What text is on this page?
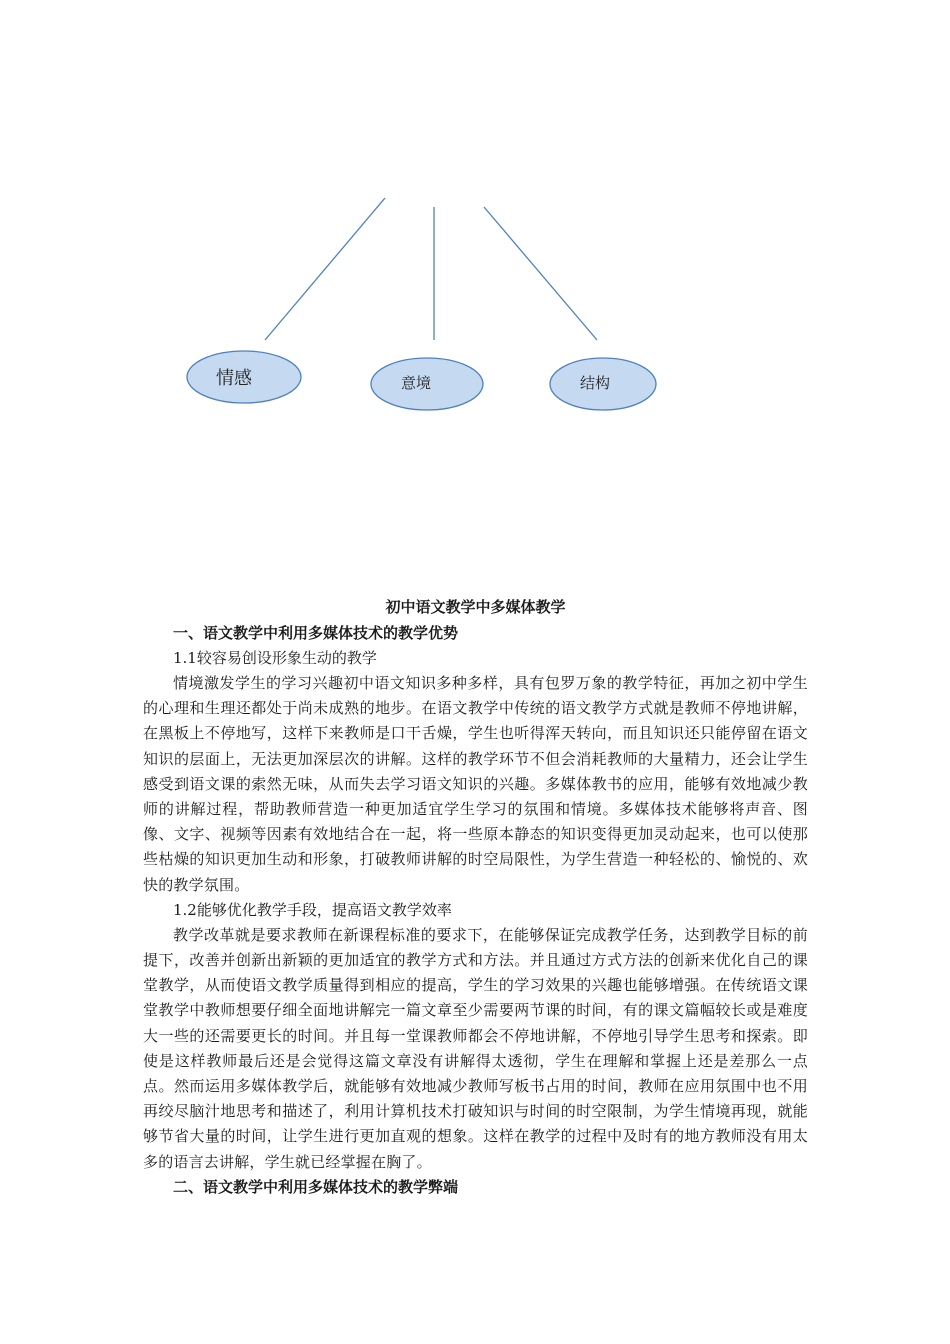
情感	意境	结构
初中语文教学中多媒体教学
一、语文教学中利用多媒体技术的教学优势
1.1较容易创设形象生动的教学

情境激发学生的学习兴趣初中语文知识多种多样，具有包罗万象的教学特征，再加之初中学生的心理和生理还都处于尚未成熟的地步。在语文教学中传统的语文教学方式就是教师不停地讲解，在黑板上不停地写，这样下来教师是口干舌燥，学生也听得浑天转向，而且知识还只能停留在语文知识的层面上，无法更加深层次的讲解。这样的教学环节不但会消耗教师的大量精力，还会让学生感受到语文课的索然无味，从而失去学习语文知识的兴趣。多媒体教书的应用，能够有效地减少教师的讲解过程，帮助教师营造一种更加适宜学生学习的氛围和情境。多媒体技术能够将声音、图像、文字、视频等因素有效地结合在一起，将一些原本静态的知识变得更加灵动起来，也可以使那些枯燥的知识更加生动和形象，打破教师讲解的时空局限性，为学生营造一种轻松的、愉悦的、欢快的教学氛围。

1.2能够优化教学手段，提高语文教学效率

教学改革就是要求教师在新课程标准的要求下，在能够保证完成教学任务，达到教学目标的前提下，改善并创新出新颖的更加适宜的教学方式和方法。并且通过方式方法的创新来优化自己的课堂教学，从而使语文教学质量得到相应的提高，学生的学习效果的兴趣也能够增强。在传统语文课堂教学中教师想要仔细全面地讲解完一篇文章至少需要两节课的时间，有的课文篇幅较长或是难度大一些的还需要更长的时间。并且每一堂课教师都会不停地讲解，不停地引导学生思考和探索。即使是这样教师最后还是会觉得这篇文章没有讲解得太透彻，学生在理解和掌握上还是差那么一点点。然而运用多媒体教学后，就能够有效地减少教师写板书占用的时间，教师在应用氛围中也不用再绞尽脑汁地思考和描述了，利用计算机技术打破知识与时间的时空限制，为学生情境再现，就能够节省大量的时间，让学生进行更加直观的想象。这样在教学的过程中及时有的地方教师没有用太多的语言去讲解，学生就已经掌握在胸了。

二、语文教学中利用多媒体技术的教学弊端
